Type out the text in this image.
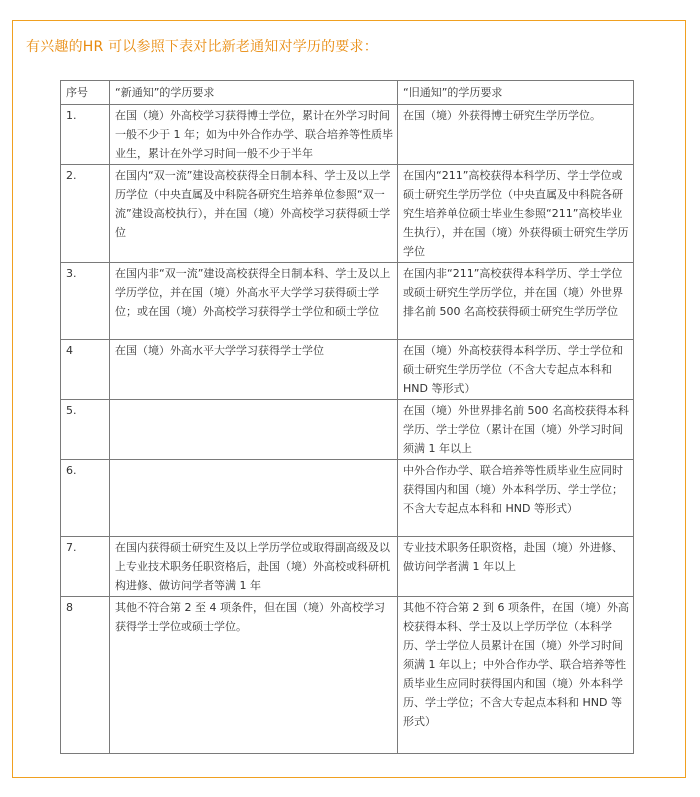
有兴趣的HR 可以参照下表对比新老通知对学历的要求：
序号	“新通知”的学历要求	“旧通知”的学历要求
1.	在国（境）外高校学习获得博士学位，累计在外学习时间一般不少于 1 年；如为中外合作办学、联合培养等性质毕业生，累计在外学习时间一般不少于半年	在国（境）外获得博士研究生学历学位。
2.	在国内“双一流”建设高校获得全日制本科、学士及以上学历学位（中央直属及中科院各研究生培养单位参照“双一流”建设高校执行），并在国（境）外高校学习获得硕士学位	在国内“211”高校获得本科学历、学士学位或硕士研究生学历学位（中央直属及中科院各研究生培养单位硕士毕业生参照“211”高校毕业生执行），并在国（境）外获得硕士研究生学历学位
3.	在国内非“双一流”建设高校获得全日制本科、学士及以上学历学位，并在国（境）外高水平大学学习获得硕士学位；或在国（境）外高校学习获得学士学位和硕士学位	在国内非“211”高校获得本科学历、学士学位或硕士研究生学历学位，并在国（境）外世界排名前 500 名高校获得硕士研究生学历学位
4	在国（境）外高水平大学学习获得学士学位	在国（境）外高校获得本科学历、学士学位和硕士研究生学历学位（不含大专起点本科和 HND 等形式）
5.		在国（境）外世界排名前 500 名高校获得本科学历、学士学位（累计在国（境）外学习时间须满 1 年以上
6.		中外合作办学、联合培养等性质毕业生应同时获得国内和国（境）外本科学历、学士学位；不含大专起点本科和 HND 等形式）
7.	在国内获得硕士研究生及以上学历学位或取得副高级及以上专业技术职务任职资格后，赴国（境）外高校或科研机构进修、做访问学者等满 1 年	专业技术职务任职资格，赴国（境）外进修、做访问学者满 1 年以上
8	其他不符合第 2 至 4 项条件，但在国（境）外高校学习获得学士学位或硕士学位。	其他不符合第 2 到 6 项条件，在国（境）外高校获得本科、学士及以上学历学位（本科学历、学士学位人员累计在国（境）外学习时间须满 1 年以上；中外合作办学、联合培养等性质毕业生应同时获得国内和国（境）外本科学历、学士学位；不含大专起点本科和 HND 等形式）
